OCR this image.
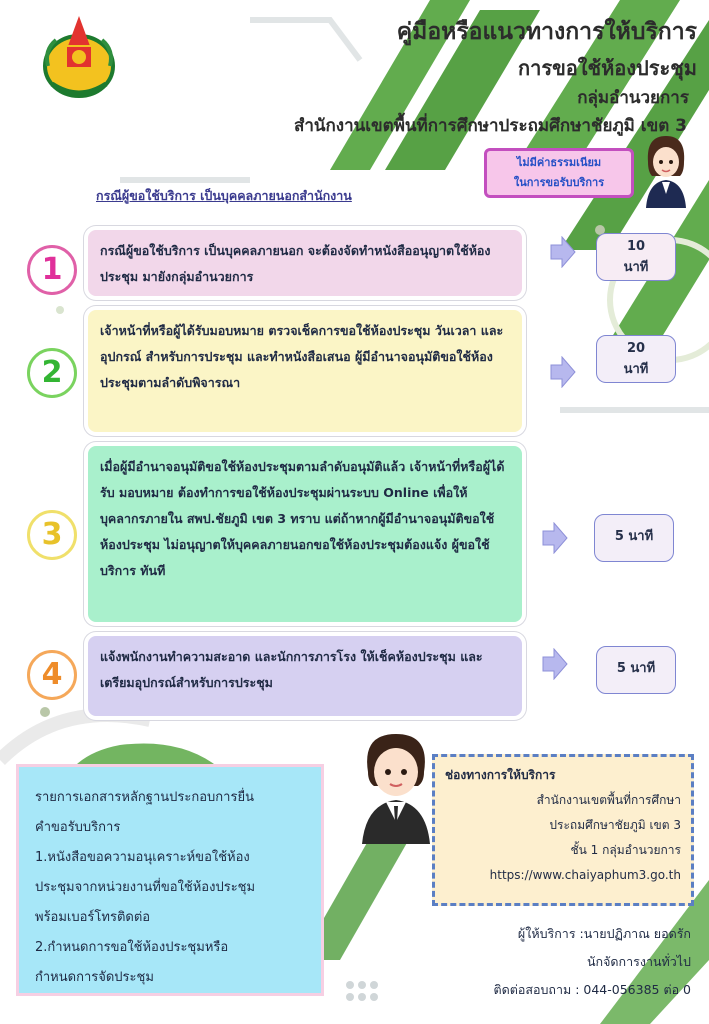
คู่มือหรือแนวทางการให้บริการ
การขอใช้ห้องประชุม
กลุ่มอำนวยการ
สำนักงานเขตพื้นที่การศึกษาประถมศึกษาชัยภูมิ เขต 3
ไม่มีค่าธรรมเนียม
ในการขอรับบริการ
กรณีผู้ขอใช้บริการ เป็นบุคคลภายนอกสำนักงาน
1
2
3
4
กรณีผู้ขอใช้บริการ เป็นบุคคลภายนอก จะต้องจัดทำหนังสืออนุญาตใช้ห้องประชุม มายังกลุ่มอำนวยการ
เจ้าหน้าที่หรือผู้ได้รับมอบหมาย ตรวจเช็คการขอใช้ห้องประชุม วันเวลา และอุปกรณ์ สำหรับการประชุม และทำหนังสือเสนอ ผู้มีอำนาจอนุมัติขอใช้ห้องประชุมตามลำดับพิจารณา
เมื่อผู้มีอำนาจอนุมัติขอใช้ห้องประชุมตามลำดับอนุมัติแล้ว เจ้าหน้าที่หรือผู้ได้รับ มอบหมาย ต้องทำการขอใช้ห้องประชุมผ่านระบบ Online เพื่อให้บุคลากรภายใน สพป.ชัยภูมิ เขต 3 ทราบ แต่ถ้าหากผู้มีอำนาจอนุมัติขอใช้ห้องประชุม ไม่อนุญาตให้บุคคลภายนอกขอใช้ห้องประชุมต้องแจ้ง ผู้ขอใช้บริการ ทันที
แจ้งพนักงานทำความสะอาด และนักการภารโรง ให้เช็คห้องประชุม และเตรียมอุปกรณ์สำหรับการประชุม
10
นาที
20
นาที
5 นาที
5 นาที
รายการเอกสารหลักฐานประกอบการยื่น
คำขอรับบริการ
1.หนังสือขอความอนุเคราะห์ขอใช้ห้อง
ประชุมจากหน่วยงานที่ขอใช้ห้องประชุม
พร้อมเบอร์โทรติดต่อ
2.กำหนดการขอใช้ห้องประชุมหรือ
กำหนดการจัดประชุม
ช่องทางการให้บริการ
สำนักงานเขตพื้นที่การศึกษา
ประถมศึกษาชัยภูมิ เขต 3
ชั้น 1 กลุ่มอำนวยการ
https://www.chaiyaphum3.go.th
ผู้ให้บริการ :นายปฏิภาณ ยอดรัก
นักจัดการงานทั่วไป
ติดต่อสอบถาม : 044-056385 ต่อ 0
